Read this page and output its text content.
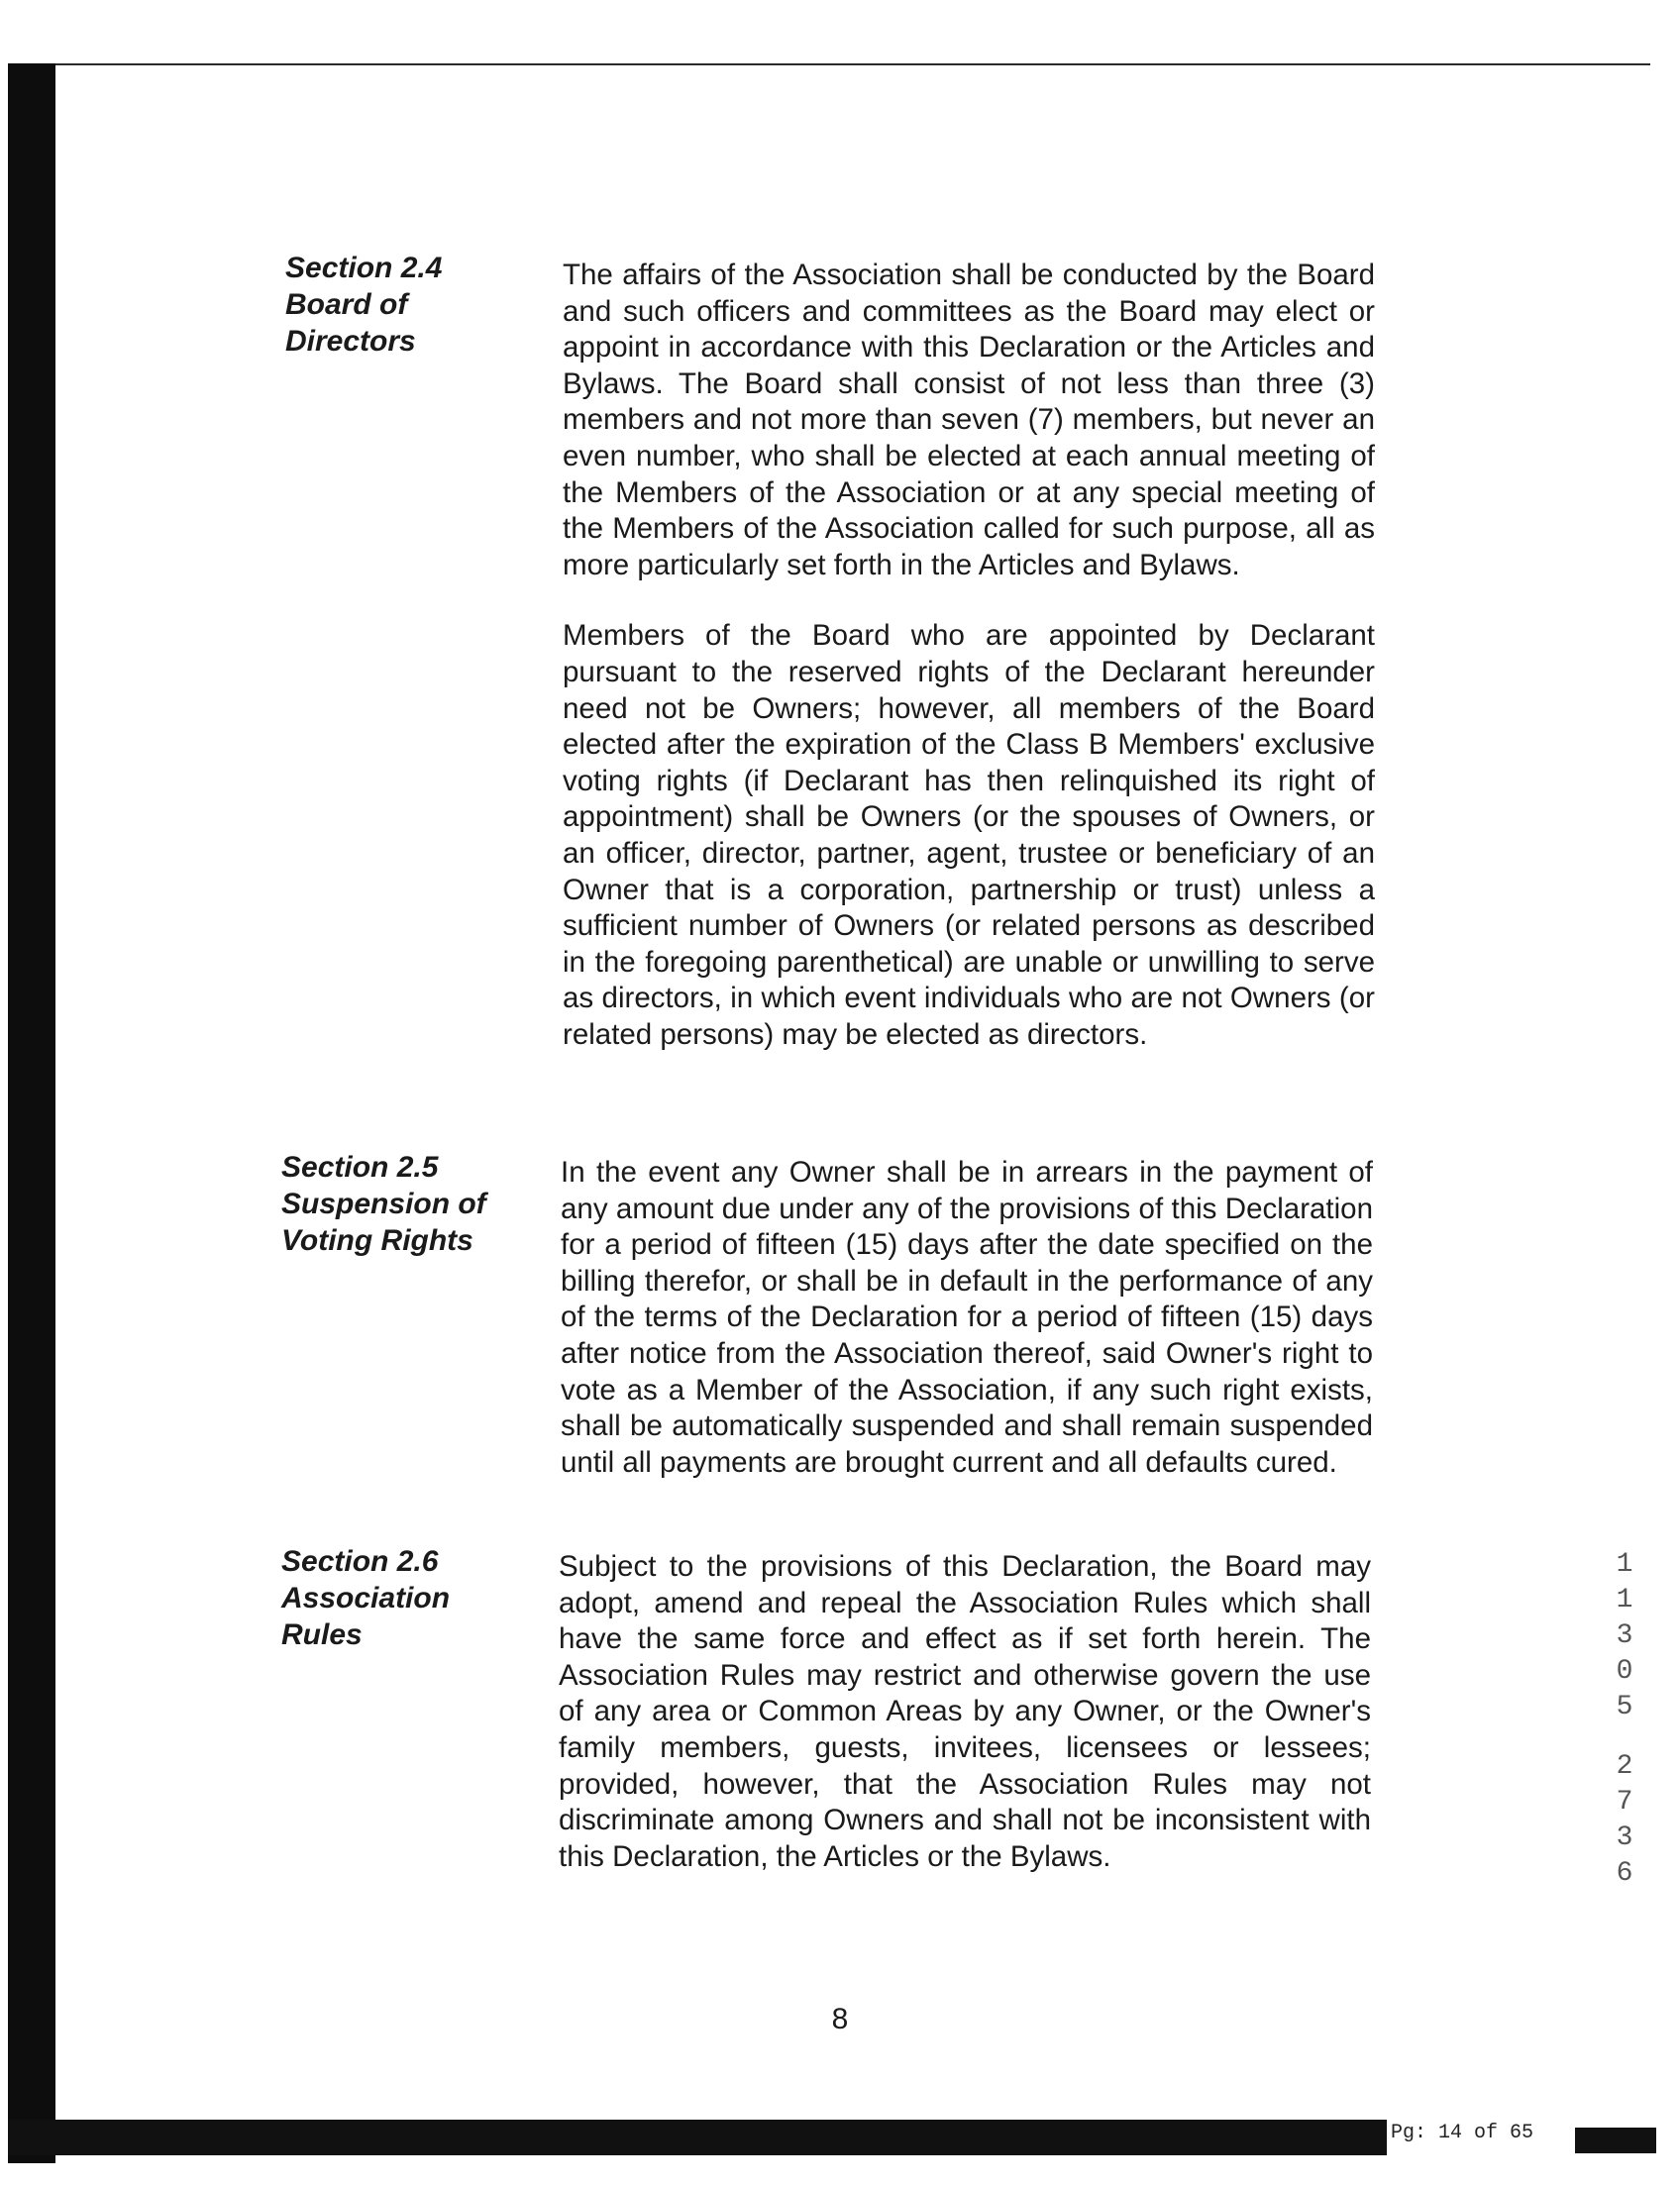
Section 2.4
Board of
Directors

The affairs of the Association shall be conducted by the Board and such officers and committees as the Board may elect or appoint in accordance with this Declaration or the Articles and Bylaws. The Board shall consist of not less than three (3) members and not more than seven (7) members, but never an even number, who shall be elected at each annual meeting of the Members of the Association or at any special meeting of the Members of the Association called for such purpose, all as more particularly set forth in the Articles and Bylaws.

Members of the Board who are appointed by Declarant pursuant to the reserved rights of the Declarant hereunder need not be Owners; however, all members of the Board elected after the expiration of the Class B Members' exclusive voting rights (if Declarant has then relinquished its right of appointment) shall be Owners (or the spouses of Owners, or an officer, director, partner, agent, trustee or beneficiary of an Owner that is a corporation, partnership or trust) unless a sufficient number of Owners (or related persons as described in the foregoing parenthetical) are unable or unwilling to serve as directors, in which event individuals who are not Owners (or related persons) may be elected as directors.

Section 2.5
Suspension of
Voting Rights

In the event any Owner shall be in arrears in the payment of any amount due under any of the provisions of this Declaration for a period of fifteen (15) days after the date specified on the billing therefor, or shall be in default in the performance of any of the terms of the Declaration for a period of fifteen (15) days after notice from the Association thereof, said Owner's right to vote as a Member of the Association, if any such right exists, shall be automatically suspended and shall remain suspended until all payments are brought current and all defaults cured.

Section 2.6
Association
Rules

Subject to the provisions of this Declaration, the Board may adopt, amend and repeal the Association Rules which shall have the same force and effect as if set forth herein. The Association Rules may restrict and otherwise govern the use of any area or Common Areas by any Owner, or the Owner's family members, guests, invitees, licensees or lessees; provided, however, that the Association Rules may not discriminate among Owners and shall not be inconsistent with this Declaration, the Articles or the Bylaws.

8
1
1
3
0
5
2
7
3
6
Pg: 14 of 65
